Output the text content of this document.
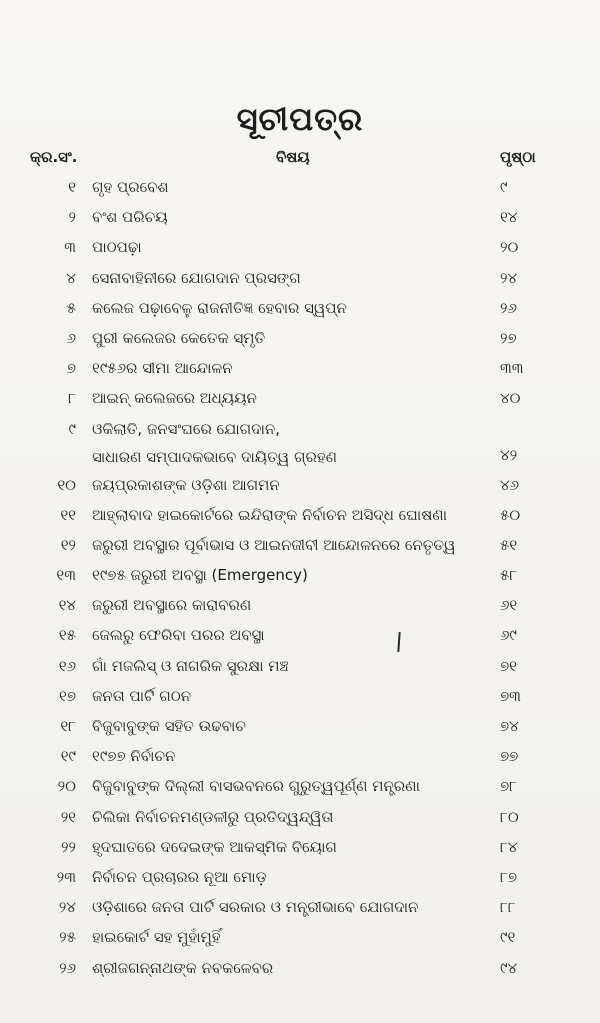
ସୂଚୀପତ୍ର
କ୍ର.ସଂ.	ବିଷୟ	ପୃଷ୍ଠା
୧ ଗୃହ ପ୍ରବେଶ	୯
୨ ବଂଶ ପରିଚୟ	୧୪
୩ ପାଠପଢ଼ା	୨୦
୪ ସେନାବାହିନୀରେ ଯୋଗଦାନ ପ୍ରସଙ୍ଗ	୨୪
୫ କଲେଜ ପଢ଼ାବେଳୁ ରାଜନୀତିଜ୍ଞ ହେବାର ସ୍ୱପ୍ନ	୨୬
୬ ପୁରୀ କଲେଜର କେତେକ ସ୍ମୃତି	୨୭
୭ ୧୯୫୬ର ସୀମା ଆନ୍ଦୋଳନ	୩୩
୮ ଆଇନ୍ କଲେଜରେ ଅଧ୍ୟୟନ	୪୦
୯ ଓକିଲାତି, ଜନସଂଘରେ ଯୋଗଦାନ,
ସାଧାରଣ ସମ୍ପାଦକଭାବେ ଦାୟିତ୍ୱ ଗ୍ରହଣ	୪୨
୧୦ ଜୟପ୍ରକାଶଙ୍କ ଓଡ଼ିଶା ଆଗମନ	୪୬
୧୧ ଆହ୍ଲାବାଦ ହାଇକୋର୍ଟରେ ଇନ୍ଦିରାଙ୍କ ନିର୍ବାଚନ ଅସିଦ୍ଧ ଘୋଷଣା	୫୦
୧୨ ଜରୁରୀ ଅବସ୍ଥାର ପୂର୍ବାଭାସ ଓ ଆଇନଜୀବୀ ଆନ୍ଦୋଳନରେ ନେତୃତ୍ୱ	୫୧
୧୩ ୧୯୭୫ ଜରୁରୀ ଅବସ୍ଥା (Emergency)	୫୮
୧୪ ଜରୁରୀ ଅବସ୍ଥାରେ କାରାବରଣ	୬୧
୧୫ ଜେଲରୁ ଫେରିବା ପରର ଅବସ୍ଥା	୬୯
୧୬ ଗାଁ ମଜଲିସ୍ ଓ ନାଗରିକ ସୁରକ୍ଷା ମଞ୍ଚ	୭୧
୧୭ ଜନତା ପାର୍ଟି ଗଠନ	୭୩
୧୮ ବିଜୁବାବୁଙ୍କ ସହିତ ଉଢବାଚ	୭୪
୧୯ ୧୯୭୭ ନିର୍ବାଚନ	୭୭
୨୦ ବିଜୁବାବୁଙ୍କ ଦିଲ୍ଲୀ ବାସଭବନରେ ଗୁରୁତ୍ୱପୂର୍ଣ୍ଣ ମନ୍ତ୍ରଣା	୭୮
୨୧ ଚିଲିକା ନିର୍ବାଚନମଣ୍ଡଳୀରୁ ପ୍ରତିଦ୍ୱନ୍ଦ୍ୱିତା	୮୦
୨୨ ହୃଦଘାତରେ ଦଦେଇଙ୍କ ଆକସ୍ମିକ ବିୟୋଗ	୮୪
୨୩ ନିର୍ବାଚନ ପ୍ରଚାରର ନୂଆ ମୋଡ଼	୮୭
୨୪ ଓଡ଼ିଶାରେ ଜନତା ପାର୍ଟି ସରକାର ଓ ମନ୍ତ୍ରୀଭାବେ ଯୋଗଦାନ	୮୮
୨୫ ହାଇକୋର୍ଟ ସହ ମୁହାଁମୁହିଁ	୯୧
୨୬ ଶ୍ରୀଜଗନ୍ନାଥଙ୍କ ନବକଳେବର	୯୪
